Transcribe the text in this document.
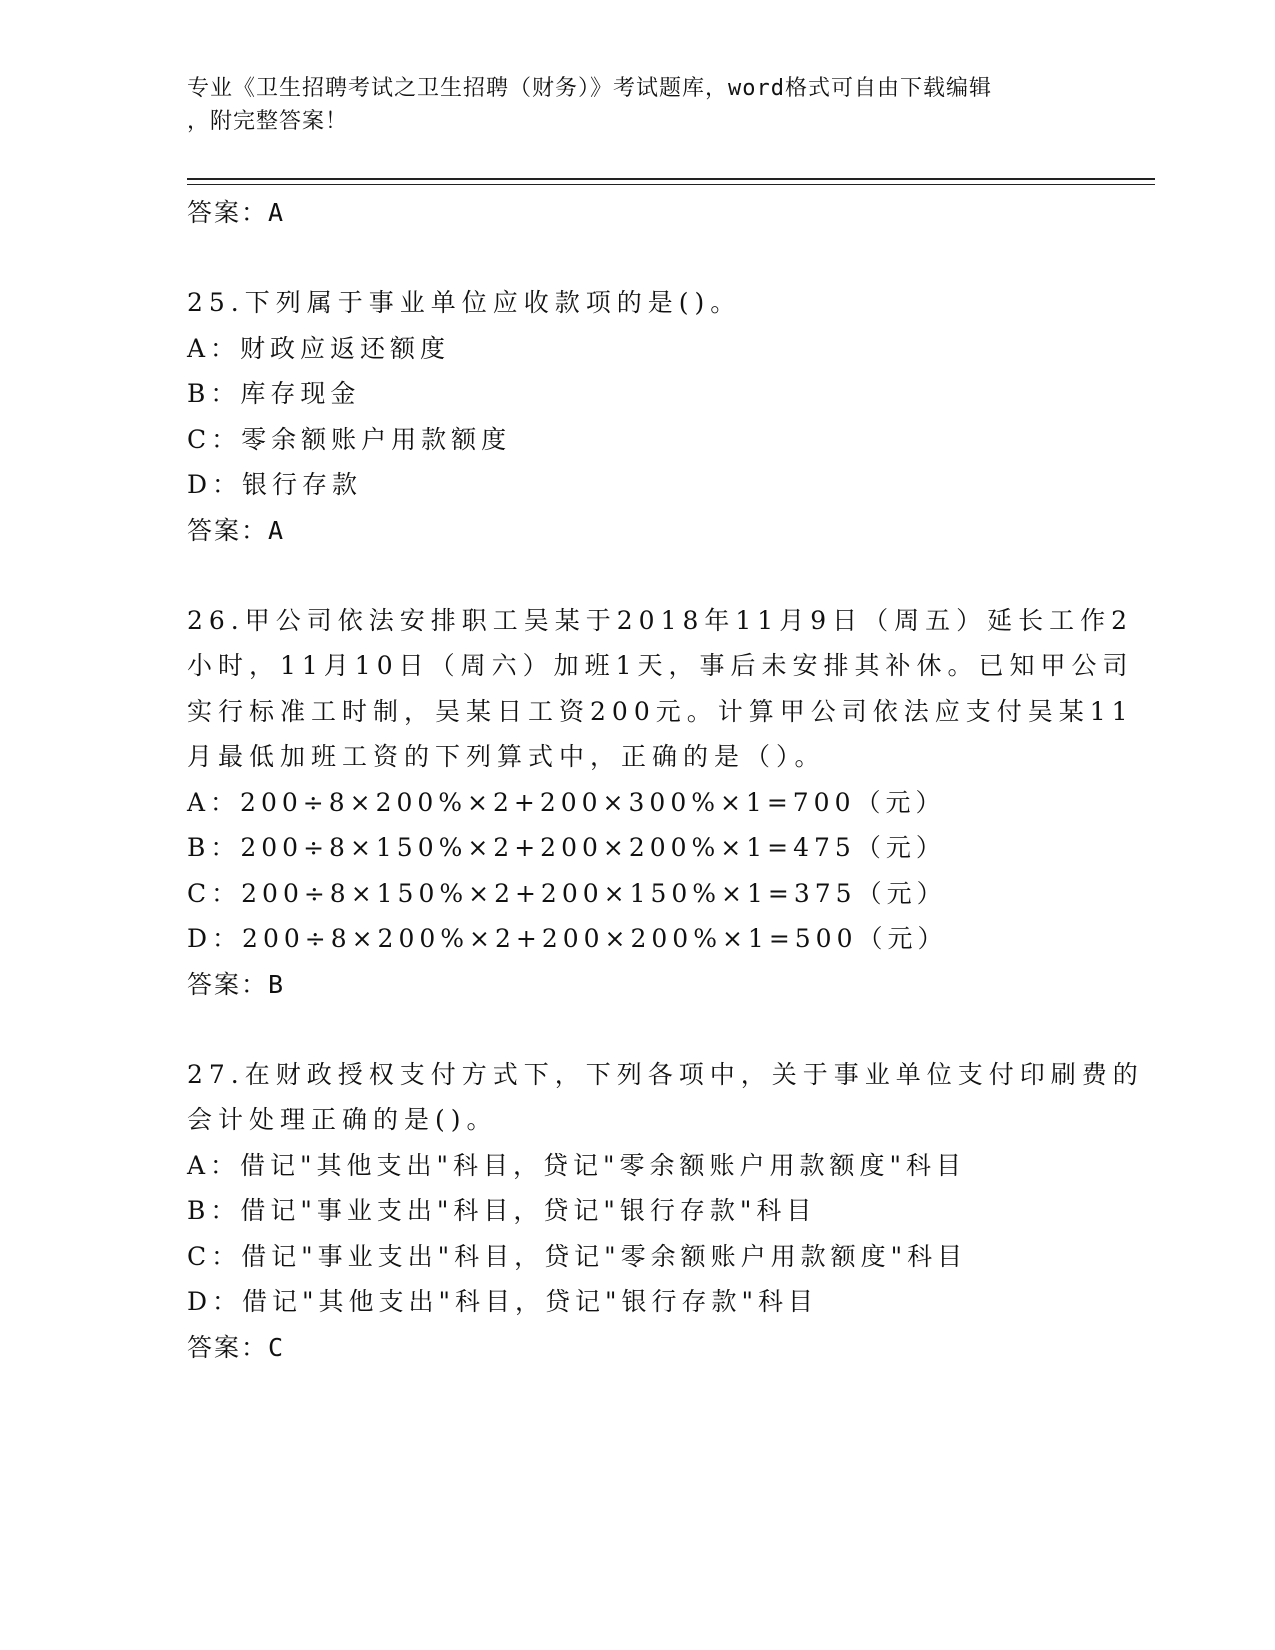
专业《卫生招聘考试之卫生招聘（财务）》考试题库，word格式可自由下载编辑
，附完整答案！
答案：A
25.下列属于事业单位应收款项的是()。
A：财政应返还额度
B：库存现金
C：零余额账户用款额度
D：银行存款
答案：A
26.甲公司依法安排职工吴某于2018年11月9日（周五）延长工作2
小时，11月10日（周六）加班1天，事后未安排其补休。已知甲公司
实行标准工时制，吴某日工资200元。计算甲公司依法应支付吴某11
月最低加班工资的下列算式中，正确的是（）。
A：200÷8×200%×2+200×300%×1=700（元）
B：200÷8×150%×2+200×200%×1=475（元）
C：200÷8×150%×2+200×150%×1=375（元）
D：200÷8×200%×2+200×200%×1=500（元）
答案：B
27.在财政授权支付方式下，下列各项中，关于事业单位支付印刷费的
会计处理正确的是()。
A：借记"其他支出"科目，贷记"零余额账户用款额度"科目
B：借记"事业支出"科目，贷记"银行存款"科目
C：借记"事业支出"科目，贷记"零余额账户用款额度"科目
D：借记"其他支出"科目，贷记"银行存款"科目
答案：C
